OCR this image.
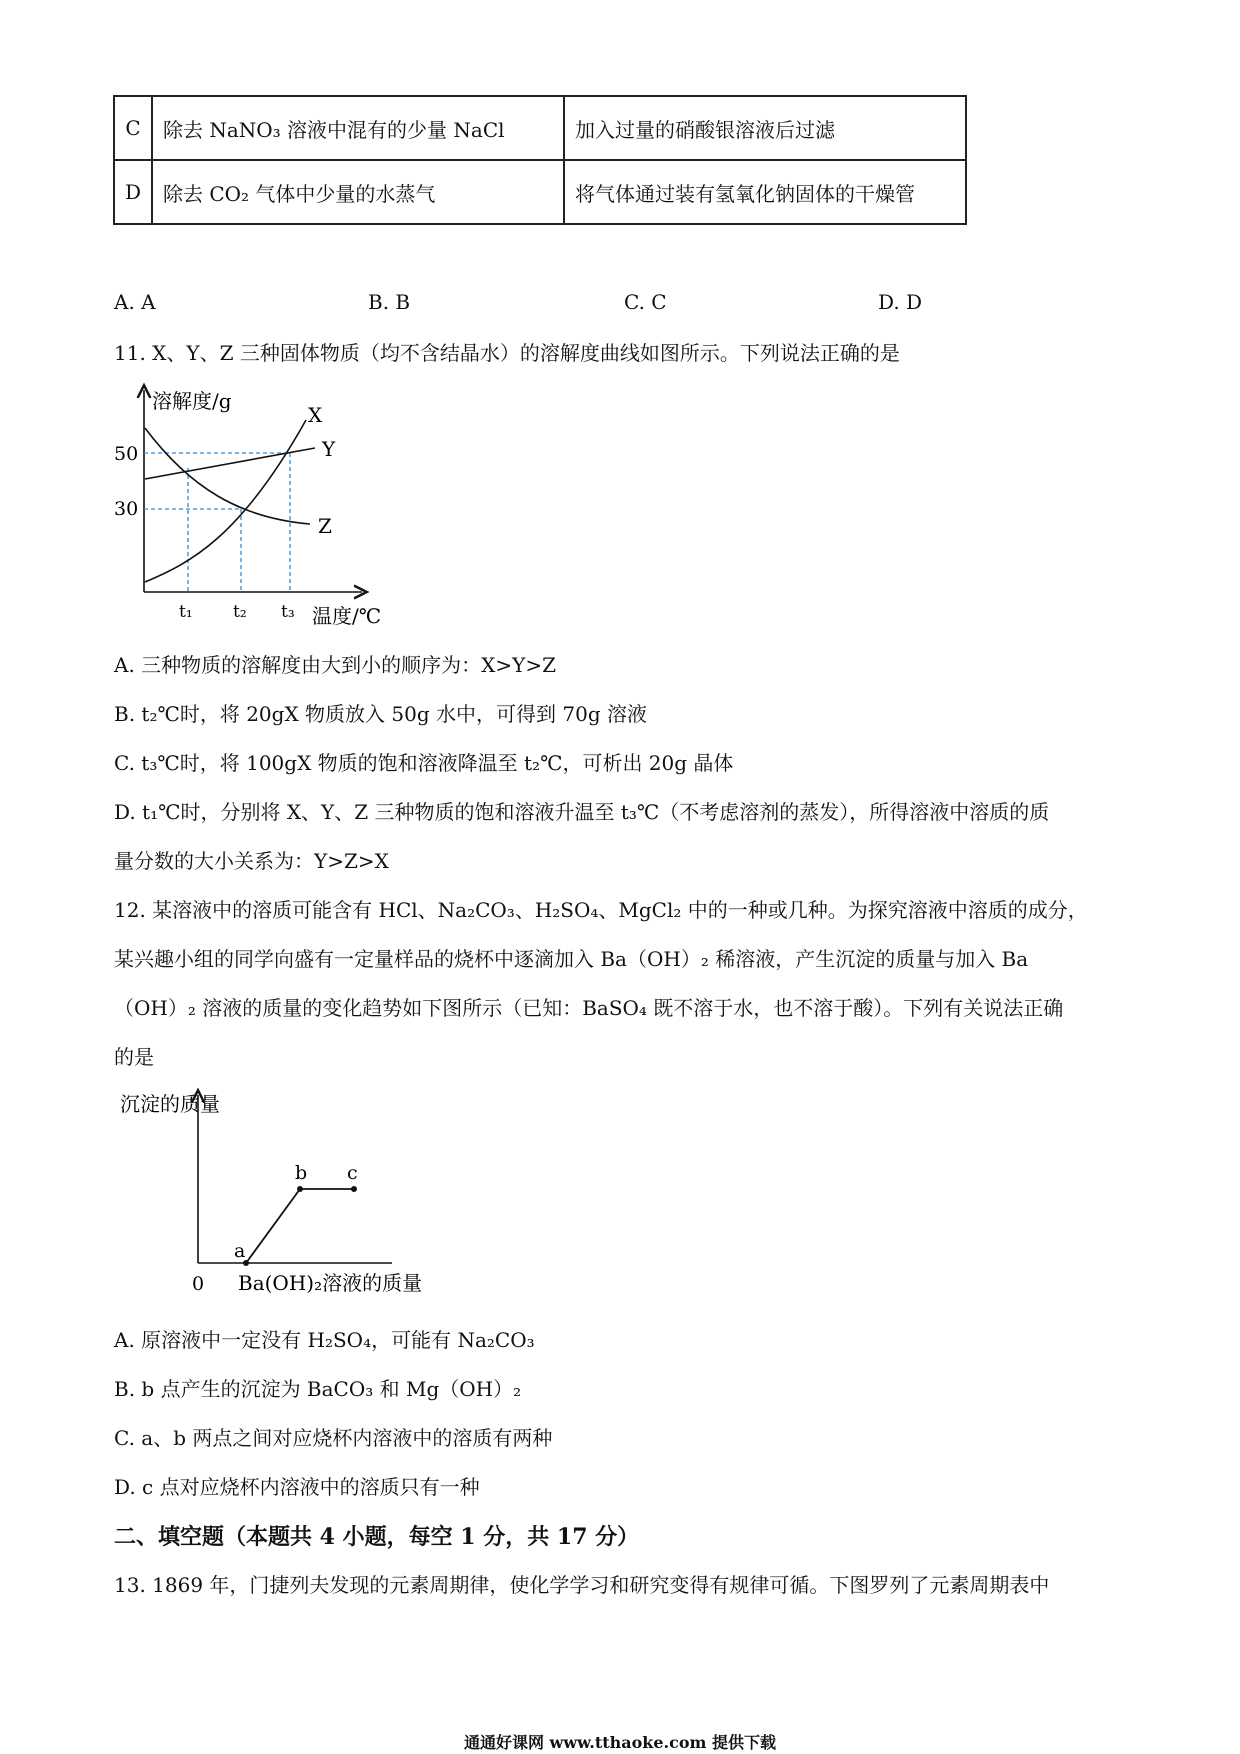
C	除去 NaNO₃ 溶液中混有的少量 NaCl	加入过量的硝酸银溶液后过滤
D	除去 CO₂ 气体中少量的水蒸气	将气体通过装有氢氧化钠固体的干燥管
A. A	B. B	C. C	D. D
11. X、Y、Z 三种固体物质（均不含结晶水）的溶解度曲线如图所示。下列说法正确的是
溶解度/g
50
30
X
Y
Z
t₁ t₂ t₃ 温度/℃
A. 三种物质的溶解度由大到小的顺序为：X>Y>Z
B. t₂℃时，将 20gX 物质放入 50g 水中，可得到 70g 溶液
C. t₃℃时，将 100gX 物质的饱和溶液降温至 t₂℃，可析出 20g 晶体
D. t₁℃时，分别将 X、Y、Z 三种物质的饱和溶液升温至 t₃℃（不考虑溶剂的蒸发），所得溶液中溶质的质
量分数的大小关系为：Y>Z>X
12. 某溶液中的溶质可能含有 HCl、Na₂CO₃、H₂SO₄、MgCl₂ 中的一种或几种。为探究溶液中溶质的成分，
某兴趣小组的同学向盛有一定量样品的烧杯中逐滴加入 Ba（OH）₂ 稀溶液，产生沉淀的质量与加入 Ba
（OH）₂ 溶液的质量的变化趋势如下图所示（已知：BaSO₄ 既不溶于水，也不溶于酸）。下列有关说法正确
的是
沉淀的质量
a
b c
0 Ba(OH)₂溶液的质量
A. 原溶液中一定没有 H₂SO₄，可能有 Na₂CO₃
B. b 点产生的沉淀为 BaCO₃ 和 Mg（OH）₂
C. a、b 两点之间对应烧杯内溶液中的溶质有两种
D. c 点对应烧杯内溶液中的溶质只有一种
二、填空题（本题共 4 小题，每空 1 分，共 17 分）
13. 1869 年，门捷列夫发现的元素周期律，使化学学习和研究变得有规律可循。下图罗列了元素周期表中
通通好课网 www.tthaoke.com 提供下载
